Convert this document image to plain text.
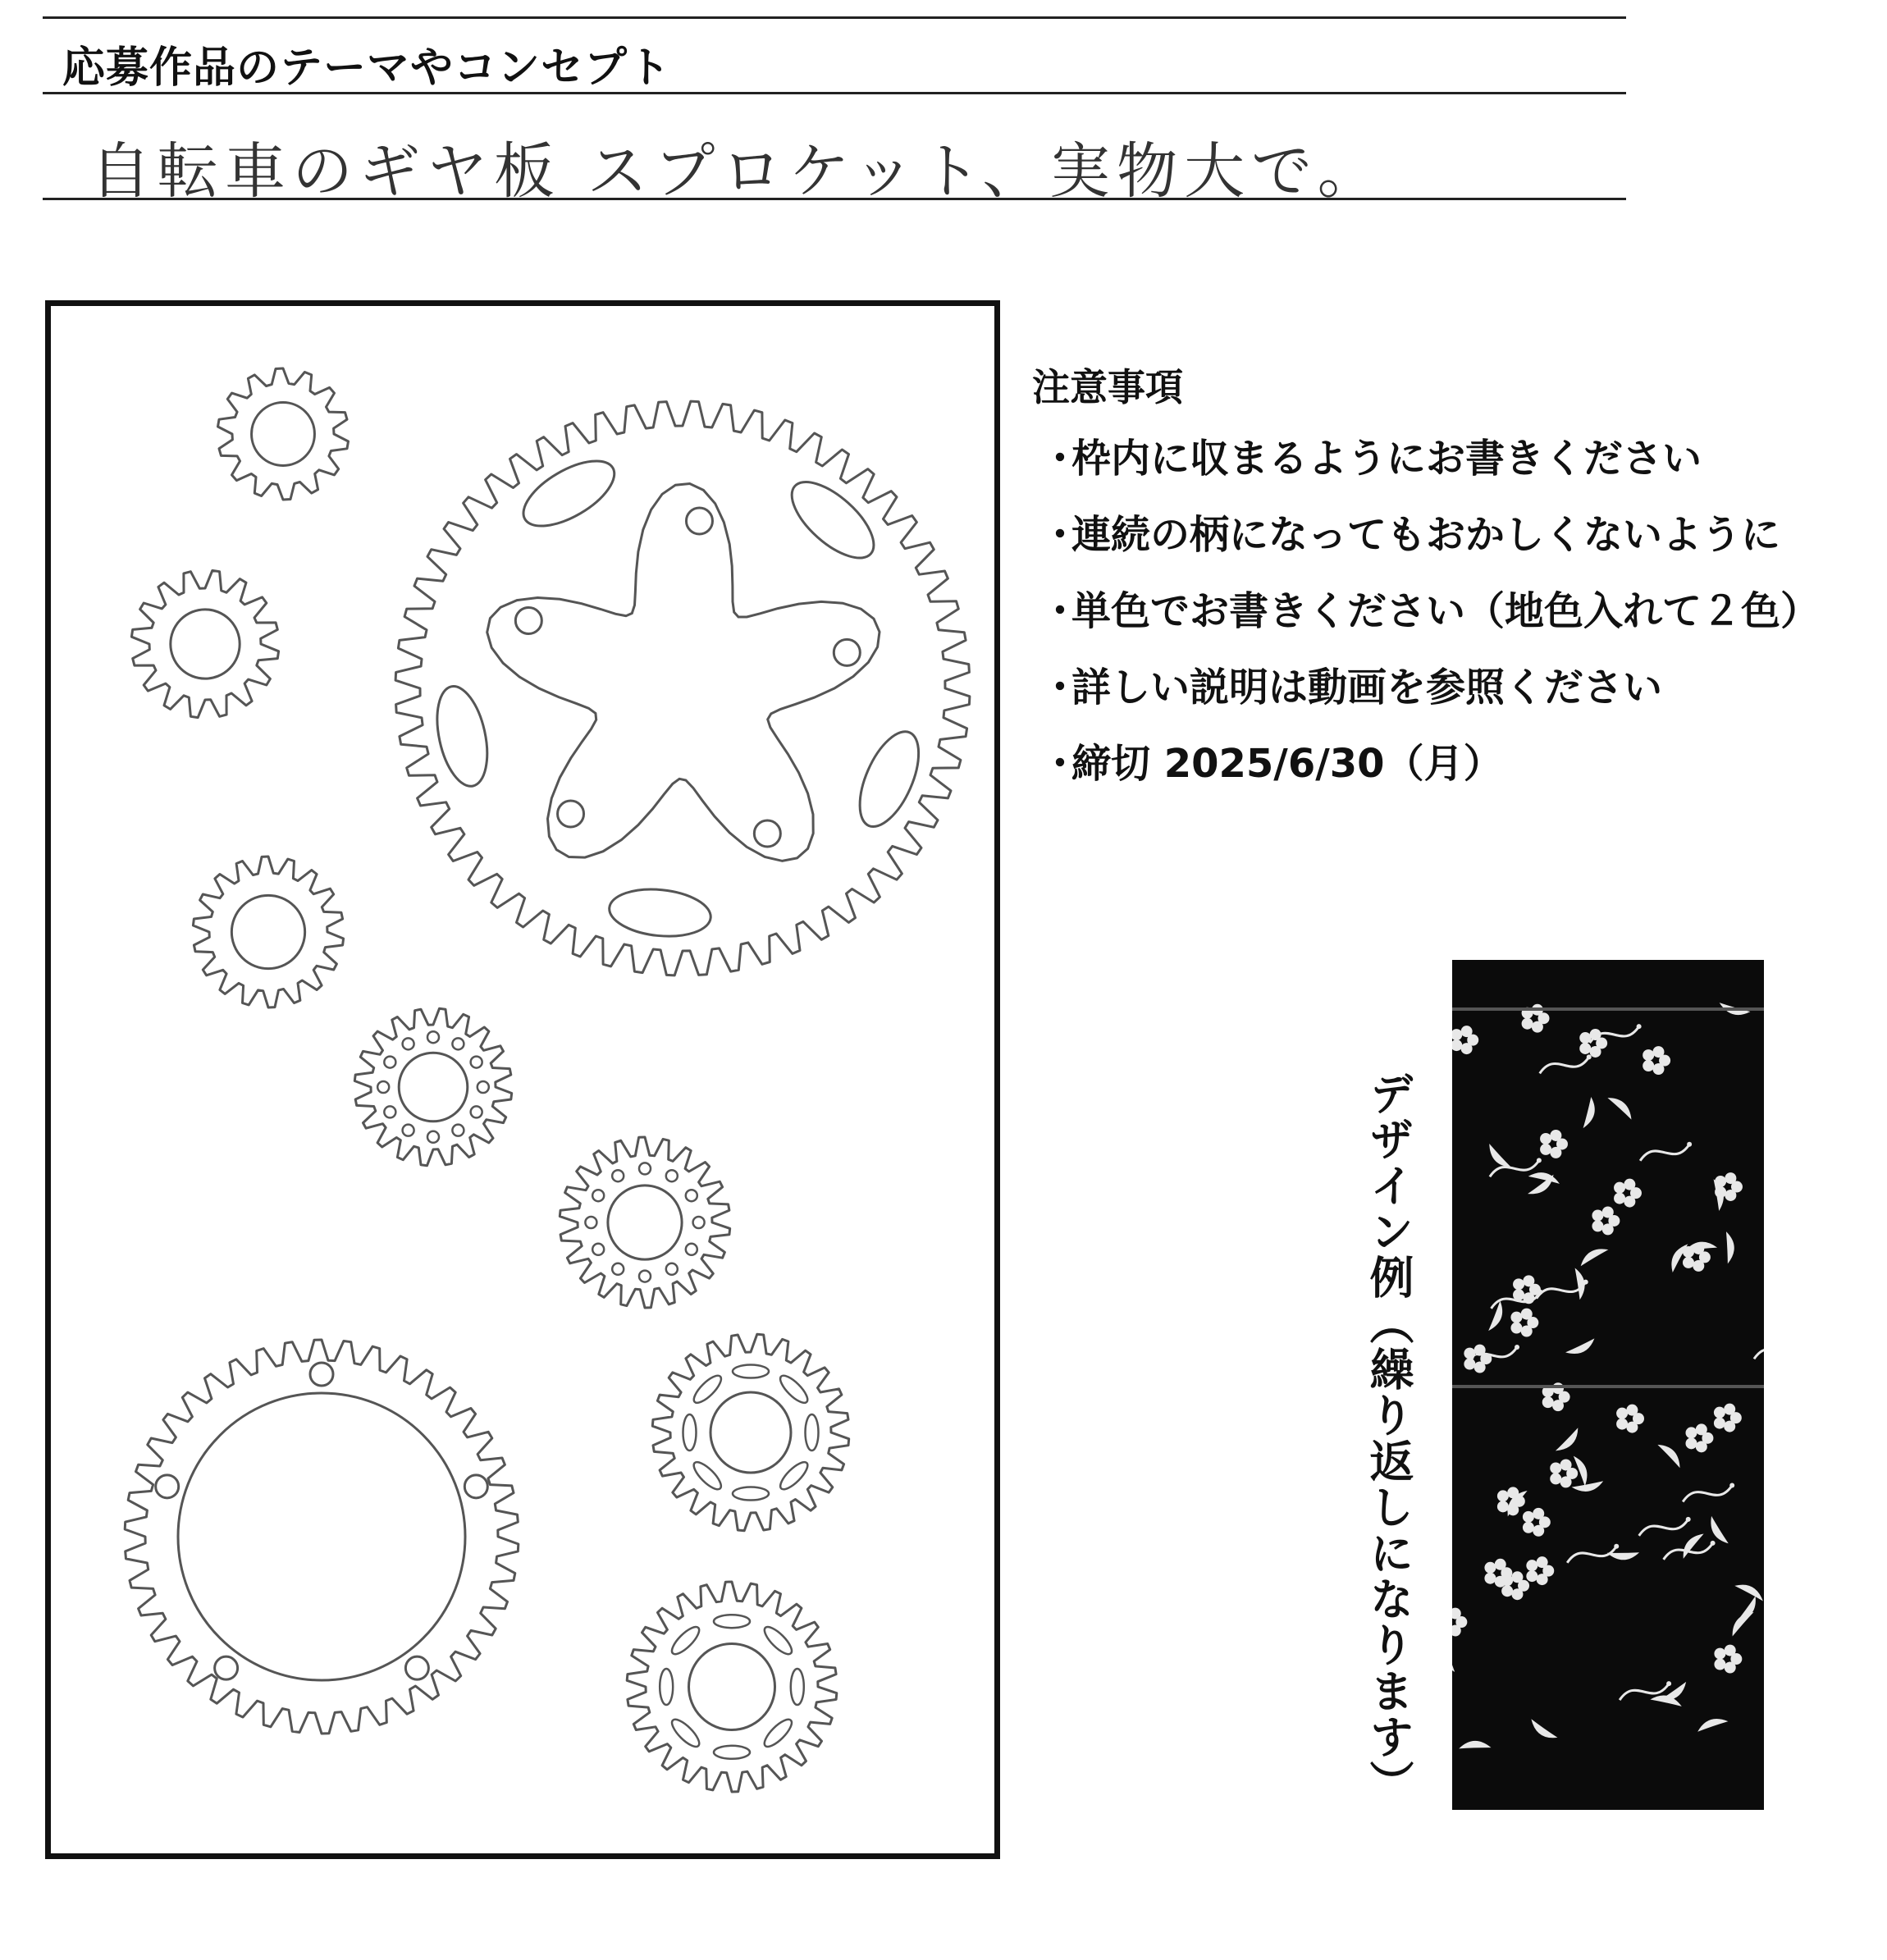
応募作品のテーマやコンセプト
自転車のギヤ板 スプロケット、実物大で。
注意事項
・枠内に収まるようにお書きください
・連続の柄になってもおかしくないように
・単色でお書きください（地色入れて２色）
・詳しい説明は動画を参照ください
・締切 2025/6/30（月）
デザイン例（繰り返しになります）
